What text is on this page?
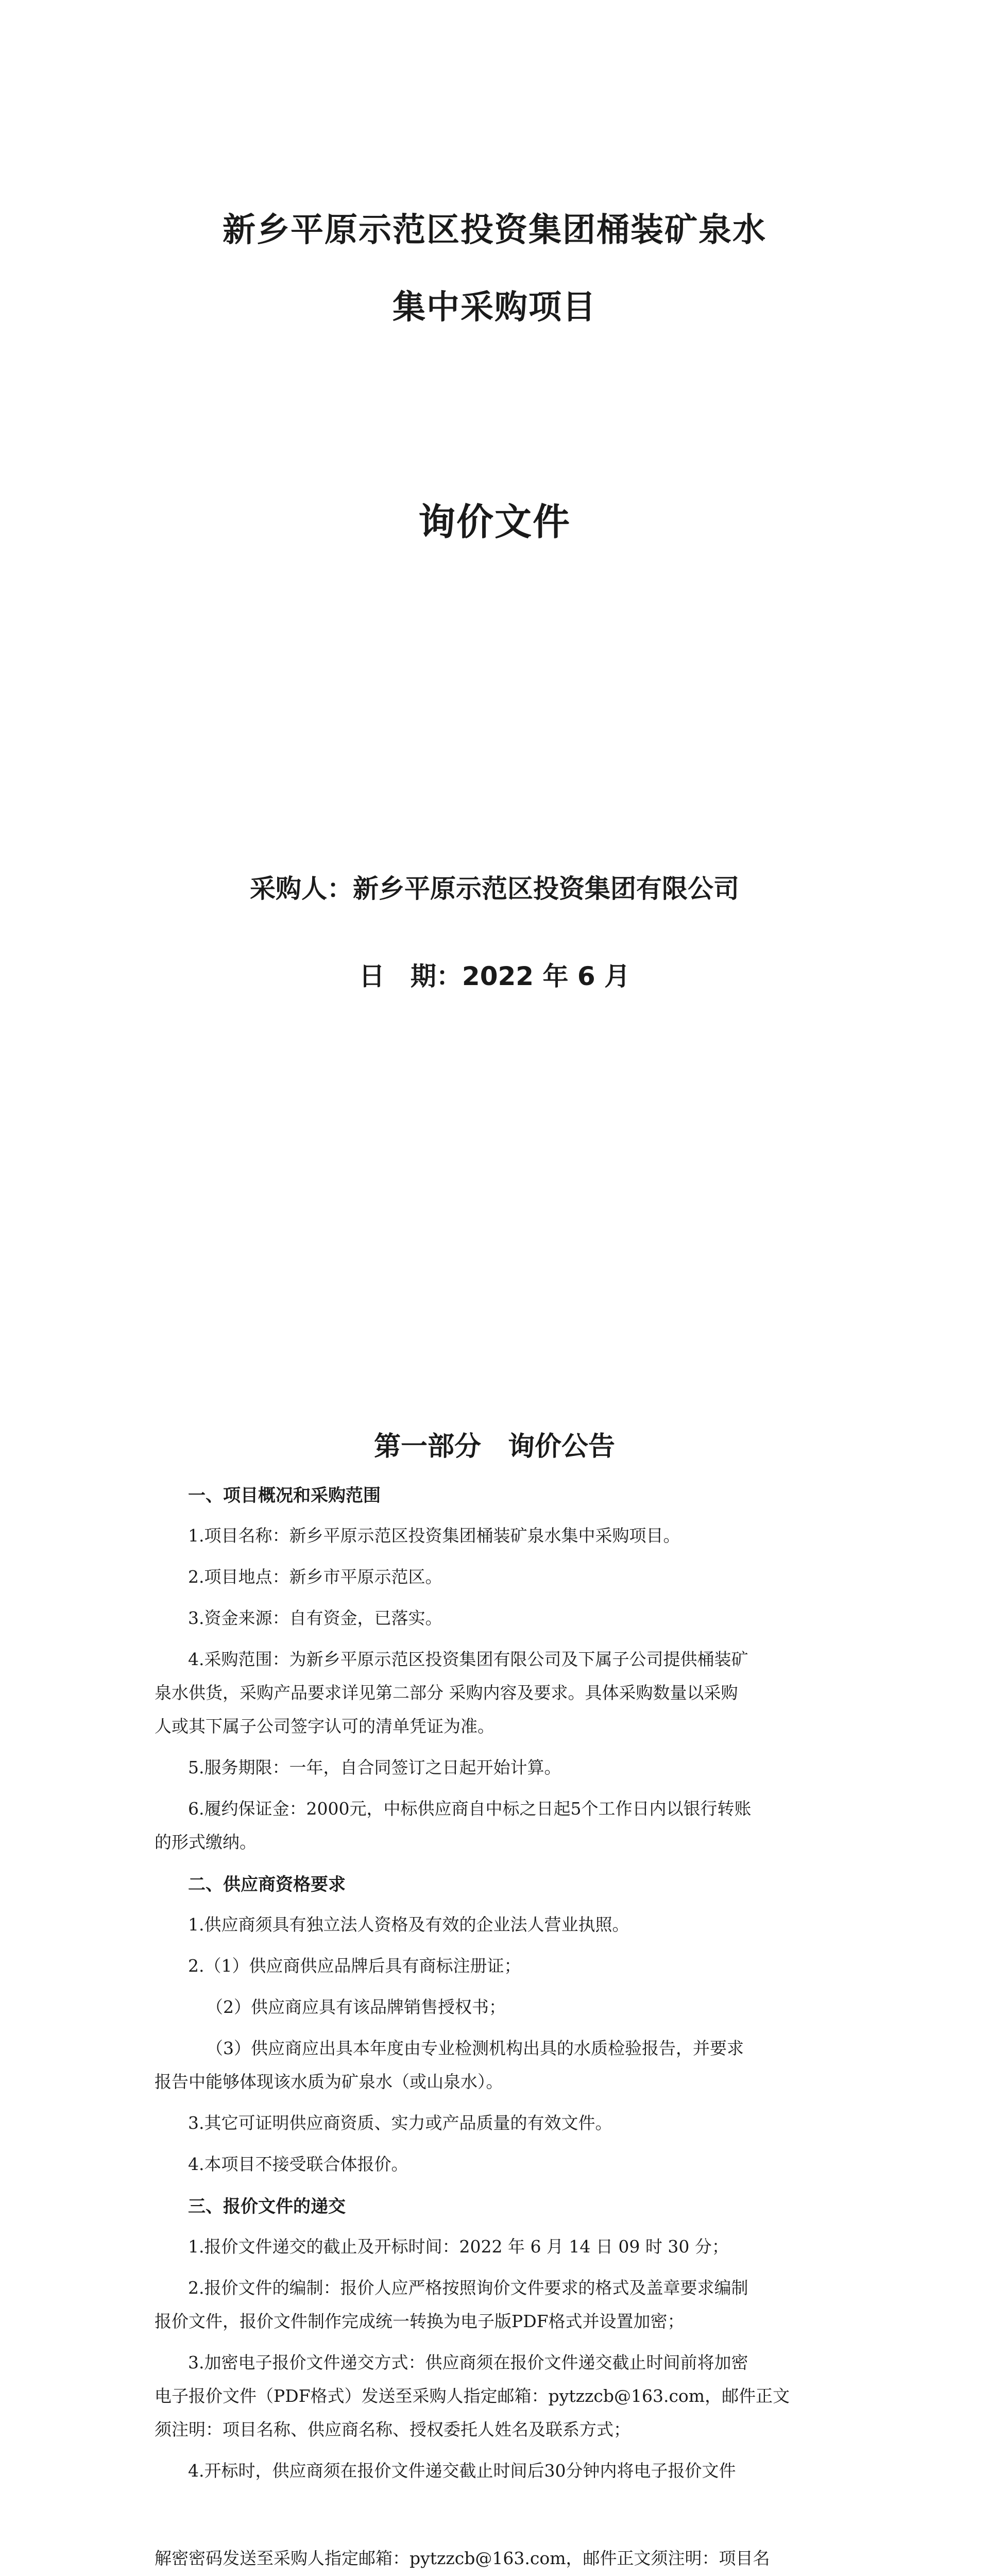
新乡平原示范区投资集团桶装矿泉水
集中采购项目
询价文件
采购人：新乡平原示范区投资集团有限公司
日　期：2022 年 6 月
第一部分　询价公告
一、项目概况和采购范围
1.项目名称：新乡平原示范区投资集团桶装矿泉水集中采购项目。
2.项目地点：新乡市平原示范区。
3.资金来源：自有资金，已落实。
4.采购范围：为新乡平原示范区投资集团有限公司及下属子公司提供桶装矿
泉水供货，采购产品要求详见第二部分 采购内容及要求。具体采购数量以采购
人或其下属子公司签字认可的清单凭证为准。
5.服务期限：一年，自合同签订之日起开始计算。
6.履约保证金：2000元，中标供应商自中标之日起5个工作日内以银行转账
的形式缴纳。
二、供应商资格要求
1.供应商须具有独立法人资格及有效的企业法人营业执照。
2.（1）供应商供应品牌后具有商标注册证；
（2）供应商应具有该品牌销售授权书；
（3）供应商应出具本年度由专业检测机构出具的水质检验报告，并要求
报告中能够体现该水质为矿泉水（或山泉水）。
3.其它可证明供应商资质、实力或产品质量的有效文件。
4.本项目不接受联合体报价。
三、报价文件的递交
1.报价文件递交的截止及开标时间：2022 年 6 月 14 日 09 时 30 分；
2.报价文件的编制：报价人应严格按照询价文件要求的格式及盖章要求编制
报价文件，报价文件制作完成统一转换为电子版PDF格式并设置加密；
3.加密电子报价文件递交方式：供应商须在报价文件递交截止时间前将加密
电子报价文件（PDF格式）发送至采购人指定邮箱：pytzzcb@163.com，邮件正文
须注明：项目名称、供应商名称、授权委托人姓名及联系方式；
4.开标时，供应商须在报价文件递交截止时间后30分钟内将电子报价文件
解密密码发送至采购人指定邮箱：pytzzcb@163.com，邮件正文须注明：项目名
